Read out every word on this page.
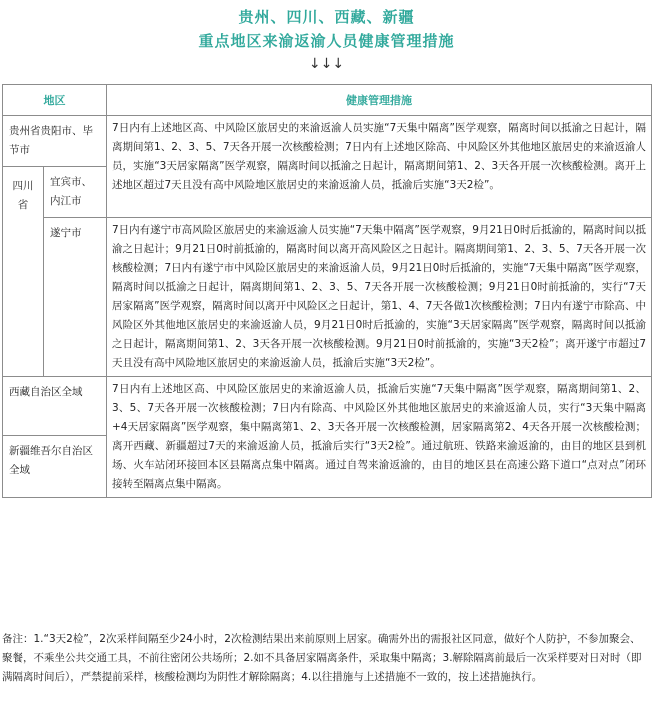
贵州、四川、西藏、新疆
重点地区来渝返渝人员健康管理措施
↓↓↓
地区		健康管理措施
贵州省贵阳市、毕节市		7日内有上述地区高、中风险区旅居史的来渝返渝人员实施“7天集中隔离”医学观察，隔离时间以抵渝之日起计，隔离期间第1、2、3、5、7天各开展一次核酸检测；7日内有上述地区除高、中风险区外其他地区旅居史的来渝返渝人员，实施“3天居家隔离”医学观察，隔离时间以抵渝之日起计，隔离期间第1、2、3天各开展一次核酸检测。离开上述地区超过7天且没有高中风险地区旅居史的来渝返渝人员，抵渝后实施“3天2检”。
四川省	宜宾市、内江市	
	遂宁市	7日内有遂宁市高风险区旅居史的来渝返渝人员实施“7天集中隔离”医学观察，9月21日0时后抵渝的，隔离时间以抵渝之日起计；9月21日0时前抵渝的，隔离时间以离开高风险区之日起计。隔离期间第1、2、3、5、7天各开展一次核酸检测；7日内有遂宁市中风险区旅居史的来渝返渝人员，9月21日0时后抵渝的，实施“7天集中隔离”医学观察，隔离时间以抵渝之日起计，隔离期间第1、2、3、5、7天各开展一次核酸检测；9月21日0时前抵渝的，实行“7天居家隔离”医学观察，隔离时间以离开中风险区之日起计，第1、4、7天各做1次核酸检测；7日内有遂宁市除高、中风险区外其他地区旅居史的来渝返渝人员，9月21日0时后抵渝的，实施“3天居家隔离”医学观察，隔离时间以抵渝之日起计，隔离期间第1、2、3天各开展一次核酸检测。9月21日0时前抵渝的，实施“3天2检”；离开遂宁市超过7天且没有高中风险地区旅居史的来渝返渝人员，抵渝后实施“3天2检”。
西藏自治区全域		7日内有上述地区高、中风险区旅居史的来渝返渝人员，抵渝后实施“7天集中隔离”医学观察，隔离期间第1、2、3、5、7天各开展一次核酸检测；7日内有除高、中风险区外其他地区旅居史的来渝返渝人员，实行“3天集中隔离+4天居家隔离”医学观察，集中隔离第1、2、3天各开展一次核酸检测，居家隔离第2、4天各开展一次核酸检测；离开西藏、新疆超过7天的来渝返渝人员，抵渝后实行“3天2检”。通过航班、铁路来渝返渝的，由目的地区县到机场、火车站闭环接回本区县隔离点集中隔离。通过自驾来渝返渝的，由目的地区县在高速公路下道口“点对点”闭环接转至隔离点集中隔离。
新疆维吾尔自治区全域		
备注：1.“3天2检”，2次采样间隔至少24小时，2次检测结果出来前原则上居家。确需外出的需报社区同意，做好个人防护，不参加聚会、聚餐，不乘坐公共交通工具，不前往密闭公共场所；2.如不具备居家隔离条件，采取集中隔离；3.解除隔离前最后一次采样要对日对时（即满隔离时间后），严禁提前采样，核酸检测均为阴性才解除隔离；4.以往措施与上述措施不一致的，按上述措施执行。
